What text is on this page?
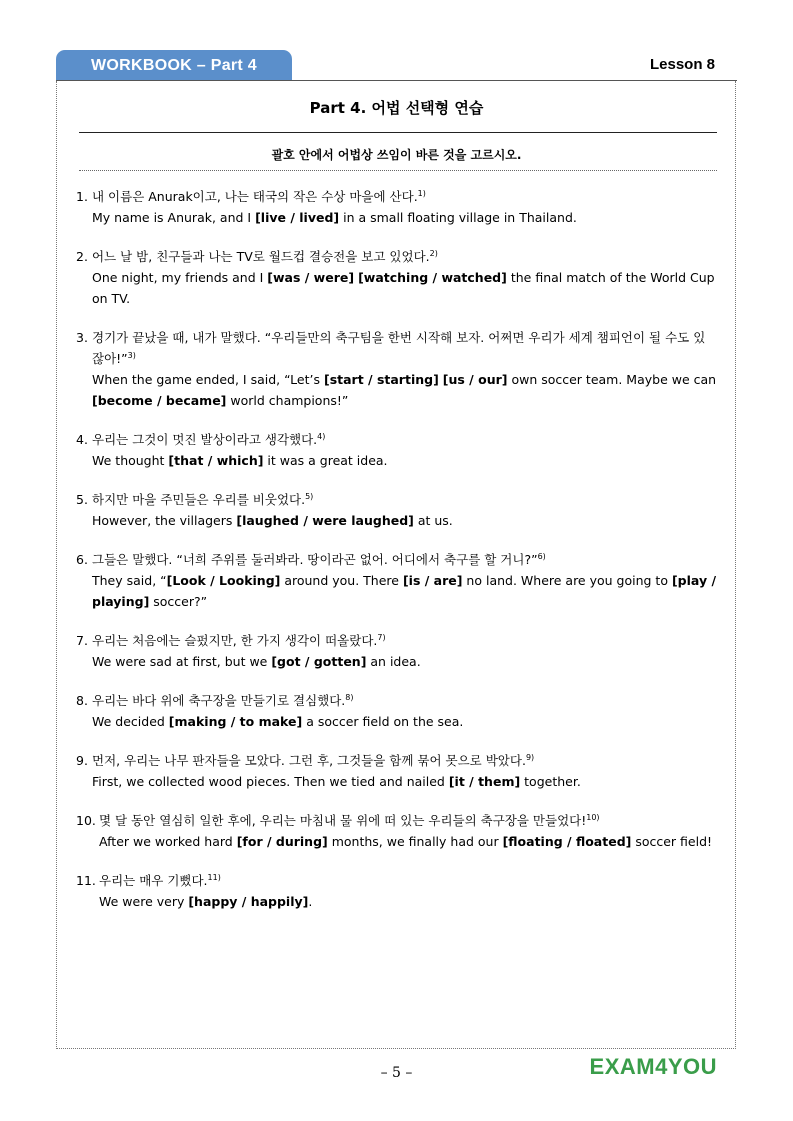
WORKBOOK – Part 4	Lesson 8
Part 4. 어법 선택형 연습
괄호 안에서 어법상 쓰임이 바른 것을 고르시오.
1. 내 이름은 Anurak이고, 나는 태국의 작은 수상 마을에 산다.$^{1)}$
My name is Anurak, and I [live / lived] in a small floating village in Thailand.
2. 어느 날 밤, 친구들과 나는 TV로 월드컵 결승전을 보고 있었다.$^{2)}$
One night, my friends and I [was / were] [watching / watched] the final match of the World Cup on TV.
3. 경기가 끝났을 때, 내가 말했다. “우리들만의 축구팀을 한번 시작해 보자. 어쩌면 우리가 세계 챔피언이 될 수도 있잖아!”$^{3)}$
When the game ended, I said, “Let’s [start / starting] [us / our] own soccer team. Maybe we can [become / became] world champions!”
4. 우리는 그것이 멋진 발상이라고 생각했다.$^{4)}$
We thought [that / which] it was a great idea.
5. 하지만 마을 주민들은 우리를 비웃었다.$^{5)}$
However, the villagers [laughed / were laughed] at us.
6. 그들은 말했다. “너희 주위를 둘러봐라. 땅이라곤 없어. 어디에서 축구를 할 거니?”$^{6)}$
They said, “[Look / Looking] around you. There [is / are] no land. Where are you going to [play / playing] soccer?”
7. 우리는 처음에는 슬펐지만, 한 가지 생각이 떠올랐다.$^{7)}$
We were sad at first, but we [got / gotten] an idea.
8. 우리는 바다 위에 축구장을 만들기로 결심했다.$^{8)}$
We decided [making / to make] a soccer field on the sea.
9. 먼저, 우리는 나무 판자들을 모았다. 그런 후, 그것들을 함께 묶어 못으로 박았다.$^{9)}$
First, we collected wood pieces. Then we tied and nailed [it / them] together.
10. 몇 달 동안 열심히 일한 후에, 우리는 마침내 물 위에 떠 있는 우리들의 축구장을 만들었다!$^{10)}$
After we worked hard [for / during] months, we finally had our [floating / floated] soccer field!
11. 우리는 매우 기뻤다.$^{11)}$
We were very [happy / happily].
– 5 –	EXAM4YOU
